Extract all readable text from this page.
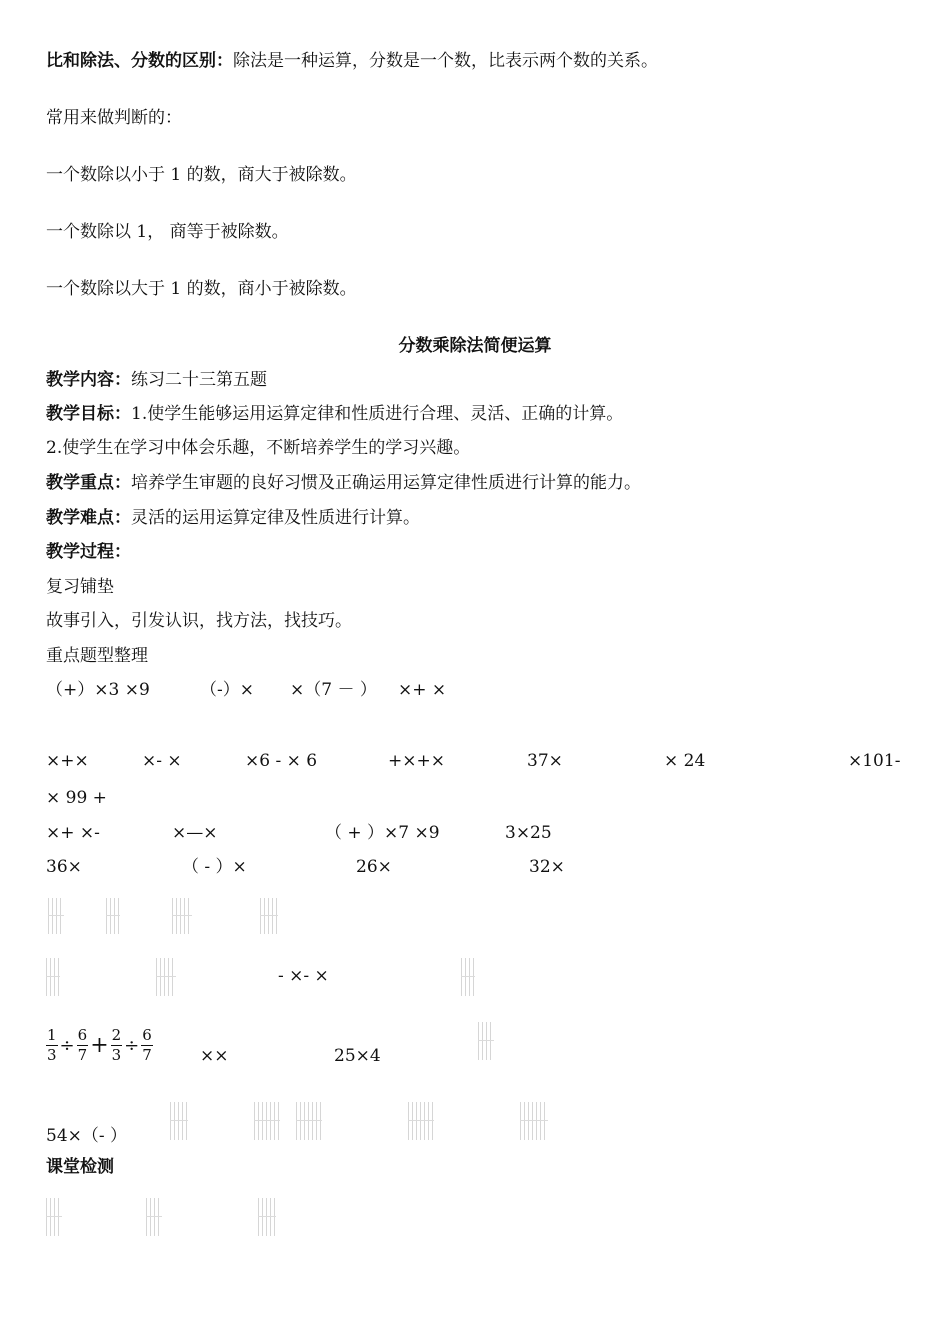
比和除法、分数的区别：除法是一种运算，分数是一个数，比表示两个数的关系。
常用来做判断的：
一个数除以小于 1 的数，商大于被除数。
一个数除以 1， 商等于被除数。
一个数除以大于 1 的数，商小于被除数。
分数乘除法简便运算
教学内容：练习二十三第五题
教学目标：1.使学生能够运用运算定律和性质进行合理、灵活、正确的计算。
2.使学生在学习中体会乐趣，不断培养学生的学习兴趣。
教学重点：培养学生审题的良好习惯及正确运用运算定律性质进行计算的能力。
教学难点：灵活的运用运算定律及性质进行计算。
教学过程：
复习铺垫
故事引入，引发认识，找方法，找技巧。
重点题型整理
（+）×3 ×9	（-）× ×（7 － ） ×+ ×
×+×	×- ×	×6 - × 6	+×+×	37×	× 24	×101-
× 99 +
×+ ×-	×—×	（ + ）×7 ×9	3×25
36×	（ - ）×	26×	32×
- ×- ×
$\frac{1}{3} \div \frac{6}{7} + \frac{2}{3} \div \frac{6}{7}$	××	25×4
54×（- ）
课堂检测
